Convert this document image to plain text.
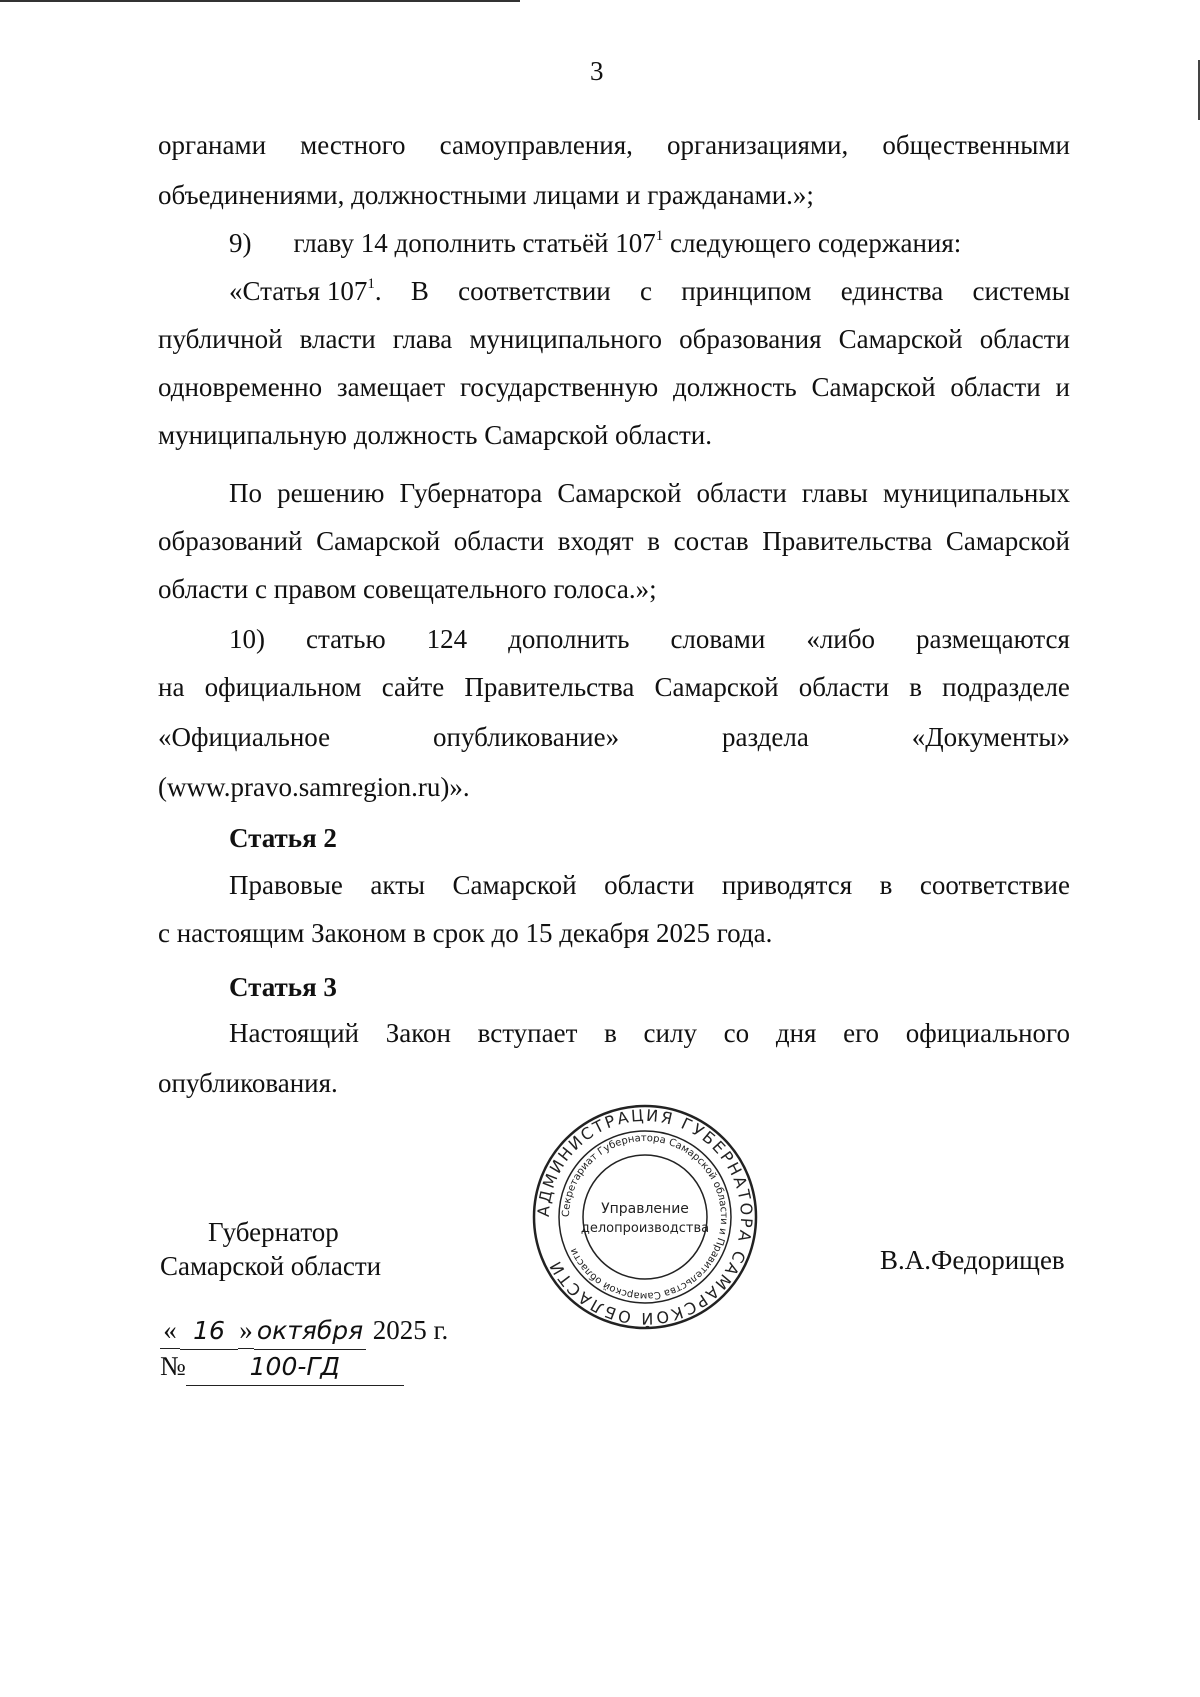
3
органами местного самоуправления, организациями, общественными
объединениями, должностными лицами и гражданами.»;
9) главу 14 дополнить статьёй $107^1$ следующего содержания:
«Статья $107^1$. В соответствии с принципом единства системы
публичной власти глава муниципального образования Самарской области
одновременно замещает государственную должность Самарской области и
муниципальную должность Самарской области.
По решению Губернатора Самарской области главы муниципальных
образований Самарской области входят в состав Правительства Самарской
области с правом совещательного голоса.»;
10) статью 124 дополнить словами «либо размещаются
на официальном сайте Правительства Самарской области в подразделе
«Официальное	опубликование»	раздела	«Документы»
(www.pravo.samregion.ru)».
Статья 2
Правовые акты Самарской области приводятся в соответствие
с настоящим Законом в срок до 15 декабря 2025 года.
Статья 3
Настоящий Закон вступает в силу со дня его официального
опубликования.
Губернатор
Самарской области	В.А.Федорищев
« 16 » октября 2025 г.
№	100-ГД
АДМИНИСТРАЦИЯ ГУБЕРНАТОРА САМАРСКОЙ ОБЛАСТИ
Секретариат Губернатора Самарской области и Правительства Самарской области
Управление
делопроизводства
